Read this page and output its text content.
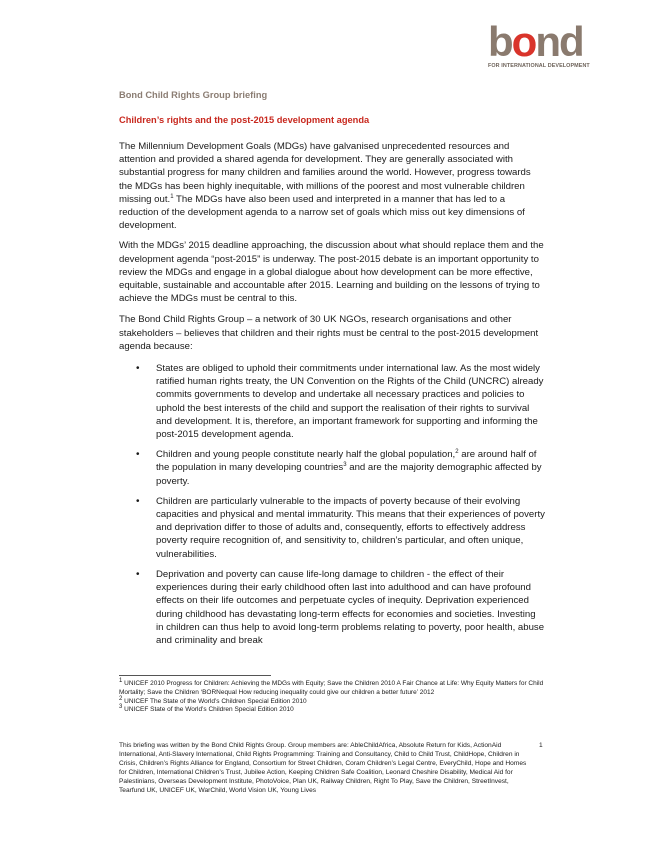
bond
FOR INTERNATIONAL DEVELOPMENT

Bond Child Rights Group briefing

Children’s rights and the post-2015 development agenda

The Millennium Development Goals (MDGs) have galvanised unprecedented resources and attention and provided a shared agenda for development. They are generally associated with substantial progress for many children and families around the world. However, progress towards the MDGs has been highly inequitable, with millions of the poorest and most vulnerable children missing out.$^1$ The MDGs have also been used and interpreted in a manner that has led to a reduction of the development agenda to a narrow set of goals which miss out key dimensions of development.

With the MDGs’ 2015 deadline approaching, the discussion about what should replace them and the development agenda “post-2015” is underway. The post-2015 debate is an important opportunity to review the MDGs and engage in a global dialogue about how development can be more effective, equitable, sustainable and accountable after 2015. Learning and building on the lessons of trying to achieve the MDGs must be central to this.

The Bond Child Rights Group – a network of 30 UK NGOs, research organisations and other stakeholders – believes that children and their rights must be central to the post-2015 development agenda because:

• States are obliged to uphold their commitments under international law. As the most widely ratified human rights treaty, the UN Convention on the Rights of the Child (UNCRC) already commits governments to develop and undertake all necessary practices and policies to uphold the best interests of the child and support the realisation of their rights to survival and development. It is, therefore, an important framework for supporting and informing the post-2015 development agenda.
• Children and young people constitute nearly half the global population,$^2$ are around half of the population in many developing countries$^3$ and are the majority demographic affected by poverty.
• Children are particularly vulnerable to the impacts of poverty because of their evolving capacities and physical and mental immaturity. This means that their experiences of poverty and deprivation differ to those of adults and, consequently, efforts to effectively address poverty require recognition of, and sensitivity to, children’s particular, and often unique, vulnerabilities.
• Deprivation and poverty can cause life-long damage to children - the effect of their experiences during their early childhood often last into adulthood and can have profound effects on their life outcomes and perpetuate cycles of inequity. Deprivation experienced during childhood has devastating long-term effects for economies and societies. Investing in children can thus help to avoid long-term problems relating to poverty, poor health, abuse and criminality and break

$^1$ UNICEF 2010 Progress for Children: Achieving the MDGs with Equity; Save the Children 2010 A Fair Chance at Life: Why Equity Matters for Child Mortality; Save the Children ‘BORNequal How reducing inequality could give our children a better future’ 2012

$^2$ UNICEF The State of the World’s Children Special Edition 2010

$^3$ UNICEF State of the World’s Children Special Edition 2010

This briefing was written by the Bond Child Rights Group. Group members are: AbleChildAfrica, Absolute Return for Kids, ActionAid International, Anti-Slavery International, Child Rights Programming: Training and Consultancy, Child to Child Trust, ChildHope, Children in Crisis, Children’s Rights Alliance for England, Consortium for Street Children, Coram Children’s Legal Centre, EveryChild, Hope and Homes for Children, International Children’s Trust, Jubilee Action, Keeping Children Safe Coalition, Leonard Cheshire Disability, Medical Aid for Palestinians, Overseas Development Institute, PhotoVoice, Plan UK, Railway Children, Right To Play, Save the Children, StreetInvest, Tearfund UK, UNICEF UK, WarChild, World Vision UK, Young Lives

1
